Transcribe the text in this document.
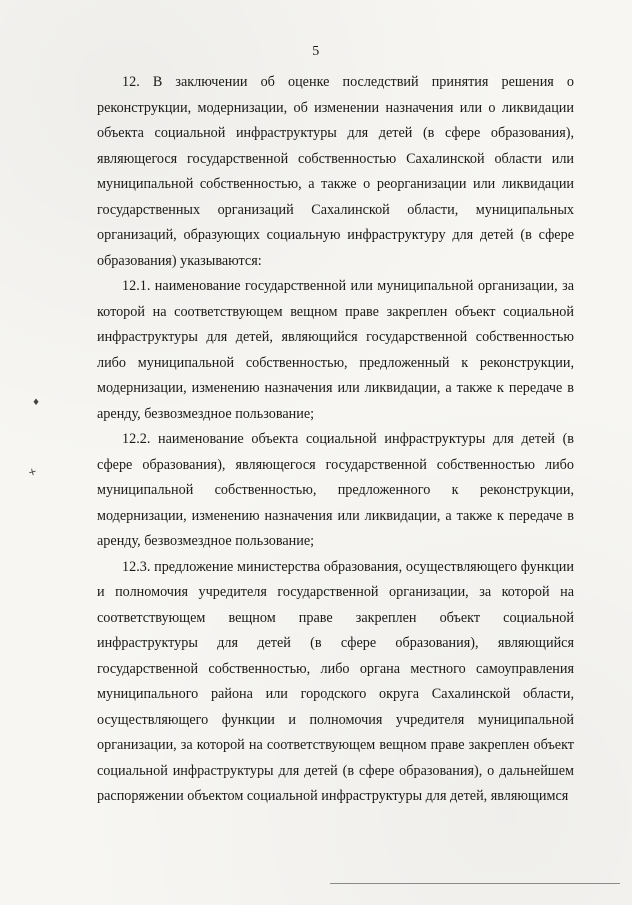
5

12. В заключении об оценке последствий принятия решения о реконструкции, модернизации, об изменении назначения или о ликвидации объекта социальной инфраструктуры для детей (в сфере образования), являющегося государственной собственностью Сахалинской области или муниципальной собственностью, а также о реорганизации или ликвидации государственных организаций Сахалинской области, муниципальных организаций, образующих социальную инфраструктуру для детей (в сфере образования) указываются:

12.1. наименование государственной или муниципальной организации, за которой на соответствующем вещном праве закреплен объект социальной инфраструктуры для детей, являющийся государственной собственностью либо муниципальной собственностью, предложенный к реконструкции, модернизации, изменению назначения или ликвидации, а также к передаче в аренду, безвозмездное пользование;

12.2. наименование объекта социальной инфраструктуры для детей (в сфере образования), являющегося государственной собственностью либо муниципальной собственностью, предложенного к реконструкции, модернизации, изменению назначения или ликвидации, а также к передаче в аренду, безвозмездное пользование;

12.3. предложение министерства образования, осуществляющего функции и полномочия учредителя государственной организации, за которой на соответствующем вещном праве закреплен объект социальной инфраструктуры для детей (в сфере образования), являющийся государственной собственностью, либо органа местного самоуправления муниципального района или городского округа Сахалинской области, осуществляющего функции и полномочия учредителя муниципальной организации, за которой на соответствующем вещном праве закреплен объект социальной инфраструктуры для детей (в сфере образования), о дальнейшем распоряжении объектом социальной инфраструктуры для детей, являющимся

♦
✕
